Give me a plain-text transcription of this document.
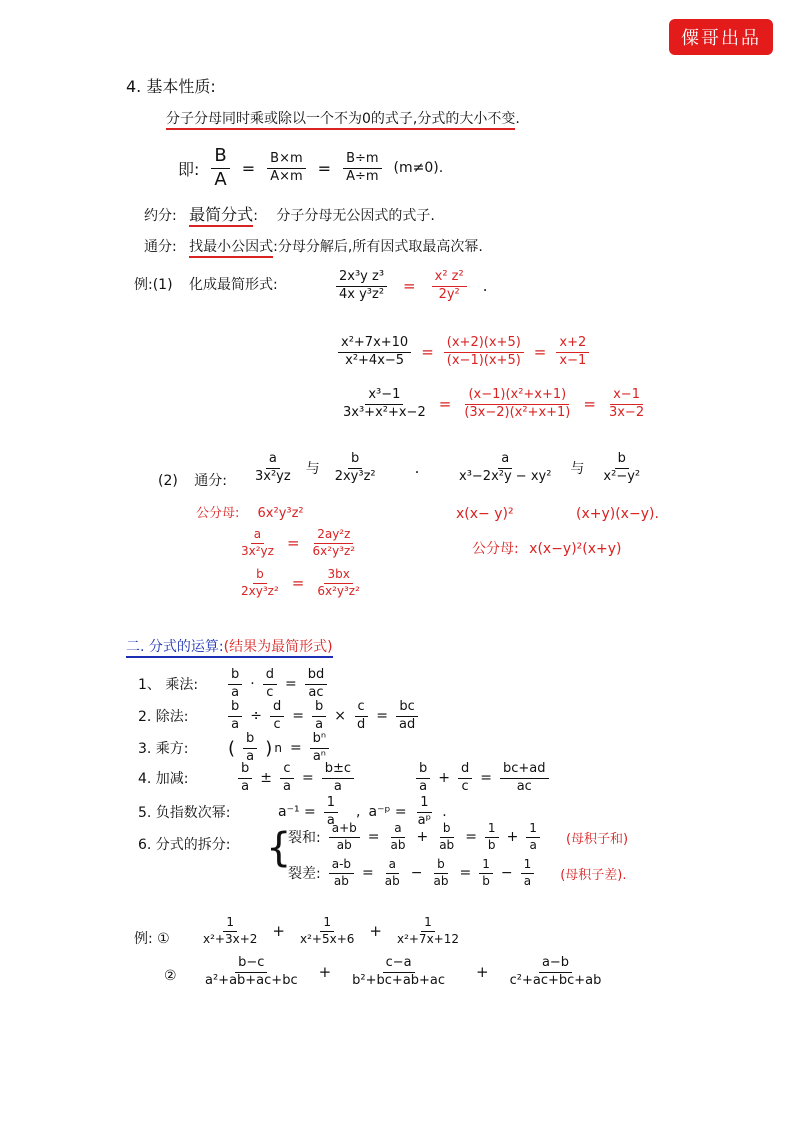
僳哥出品
4. 基本性质:
分子分母同时乘或除以一个不为0的式子,分式的大小不变.
即: $\frac{B}{A} = \frac{B\times m}{A\times m} = \frac{B\div m}{A\div m} (m\ne 0)$.
约分: 最简分式: 分子分母无公因式的式子.
通分: 找最小公因式:分母分解后,所有因式取最高次幂.
例:(1) 化成最简形式:	$\frac{\text{2x³y z³}}{\text{4x y³z²}} = \frac{\text{x² z²}}{\text{2y²}}$ .
$\frac{\text{x²+7x+10}}{\text{x²+4x−5}} = \frac{(x+2)(x+5)}{(x-1)(x+5)} = \frac{x+2}{x-1}$
$\frac{\text{x³−1}}{\text{3x³+x²+x−2}} = \frac{\text{(x−1)(x²+x+1)}}{\text{(3x−2)(x²+x+1)}} = \frac{x-1}{3x-2}$
(2) 通分: $\frac{a}{\text{3x²yz}}$ 与 $\frac{b}{\text{2xy³z²}}$ .	$\frac{a}{\text{x³−2x²y − xy²}}$ 与 $\frac{b}{\text{x²−y²}}$
公分母: 6x²y³z²
$\frac{a}{\text{3x²yz}} = \frac{\text{2ay²z}}{\text{6x²y³z²}}$
$\frac{b}{\text{2xy³z²}} = \frac{3bx}{\text{6x²y³z²}}$
x(x− y)²	(x+y)(x−y).
公分母: x(x−y)²(x+y)
二. 分式的运算:(结果为最简形式)
1、 乘法:	$\frac{b}{a} \cdot \frac{d}{c} = \frac{bd}{ac}$
2. 除法:	$\frac{b}{a} \div \frac{d}{c} = \frac{b}{a} \times \frac{c}{d} = \frac{bc}{ad}$
3. 乘方:	( $\frac{b}{a}$ ) $n = \frac{\text{bⁿ}}{\text{aⁿ}}$
4. 加减:	$\frac{b}{a} \pm \frac{c}{a} = \frac{b\pm c}{a}$	$\frac{b}{a} + \frac{d}{c} = \frac{bc+ad}{ac}$
5. 负指数次幂:	$a^{-1} = \frac{1}{a}$ , a⁻ᵖ = $\frac{1}{\text{aᵖ}}$ .
6. 分式的拆分: {
裂和: $\frac{a+b}{ab} = \frac{a}{ab} + \frac{b}{ab} = \frac{1}{b} + \frac{1}{a}$ (母积子和)
裂差: $\frac{a-b}{ab} = \frac{a}{ab} - \frac{b}{ab} = \frac{1}{b} - \frac{1}{a}$ (母积子差).
例: ①	$\frac{1}{\text{x²+3x+2}} + \frac{1}{\text{x²+5x+6}} + \frac{1}{\text{x²+7x+12}}$
② $\frac{b-c}{\text{a²+ab+ac+bc}} + \frac{c-a}{\text{b²+bc+ab+ac}} + \frac{a-b}{\text{c²+ac+bc+ab}}$
